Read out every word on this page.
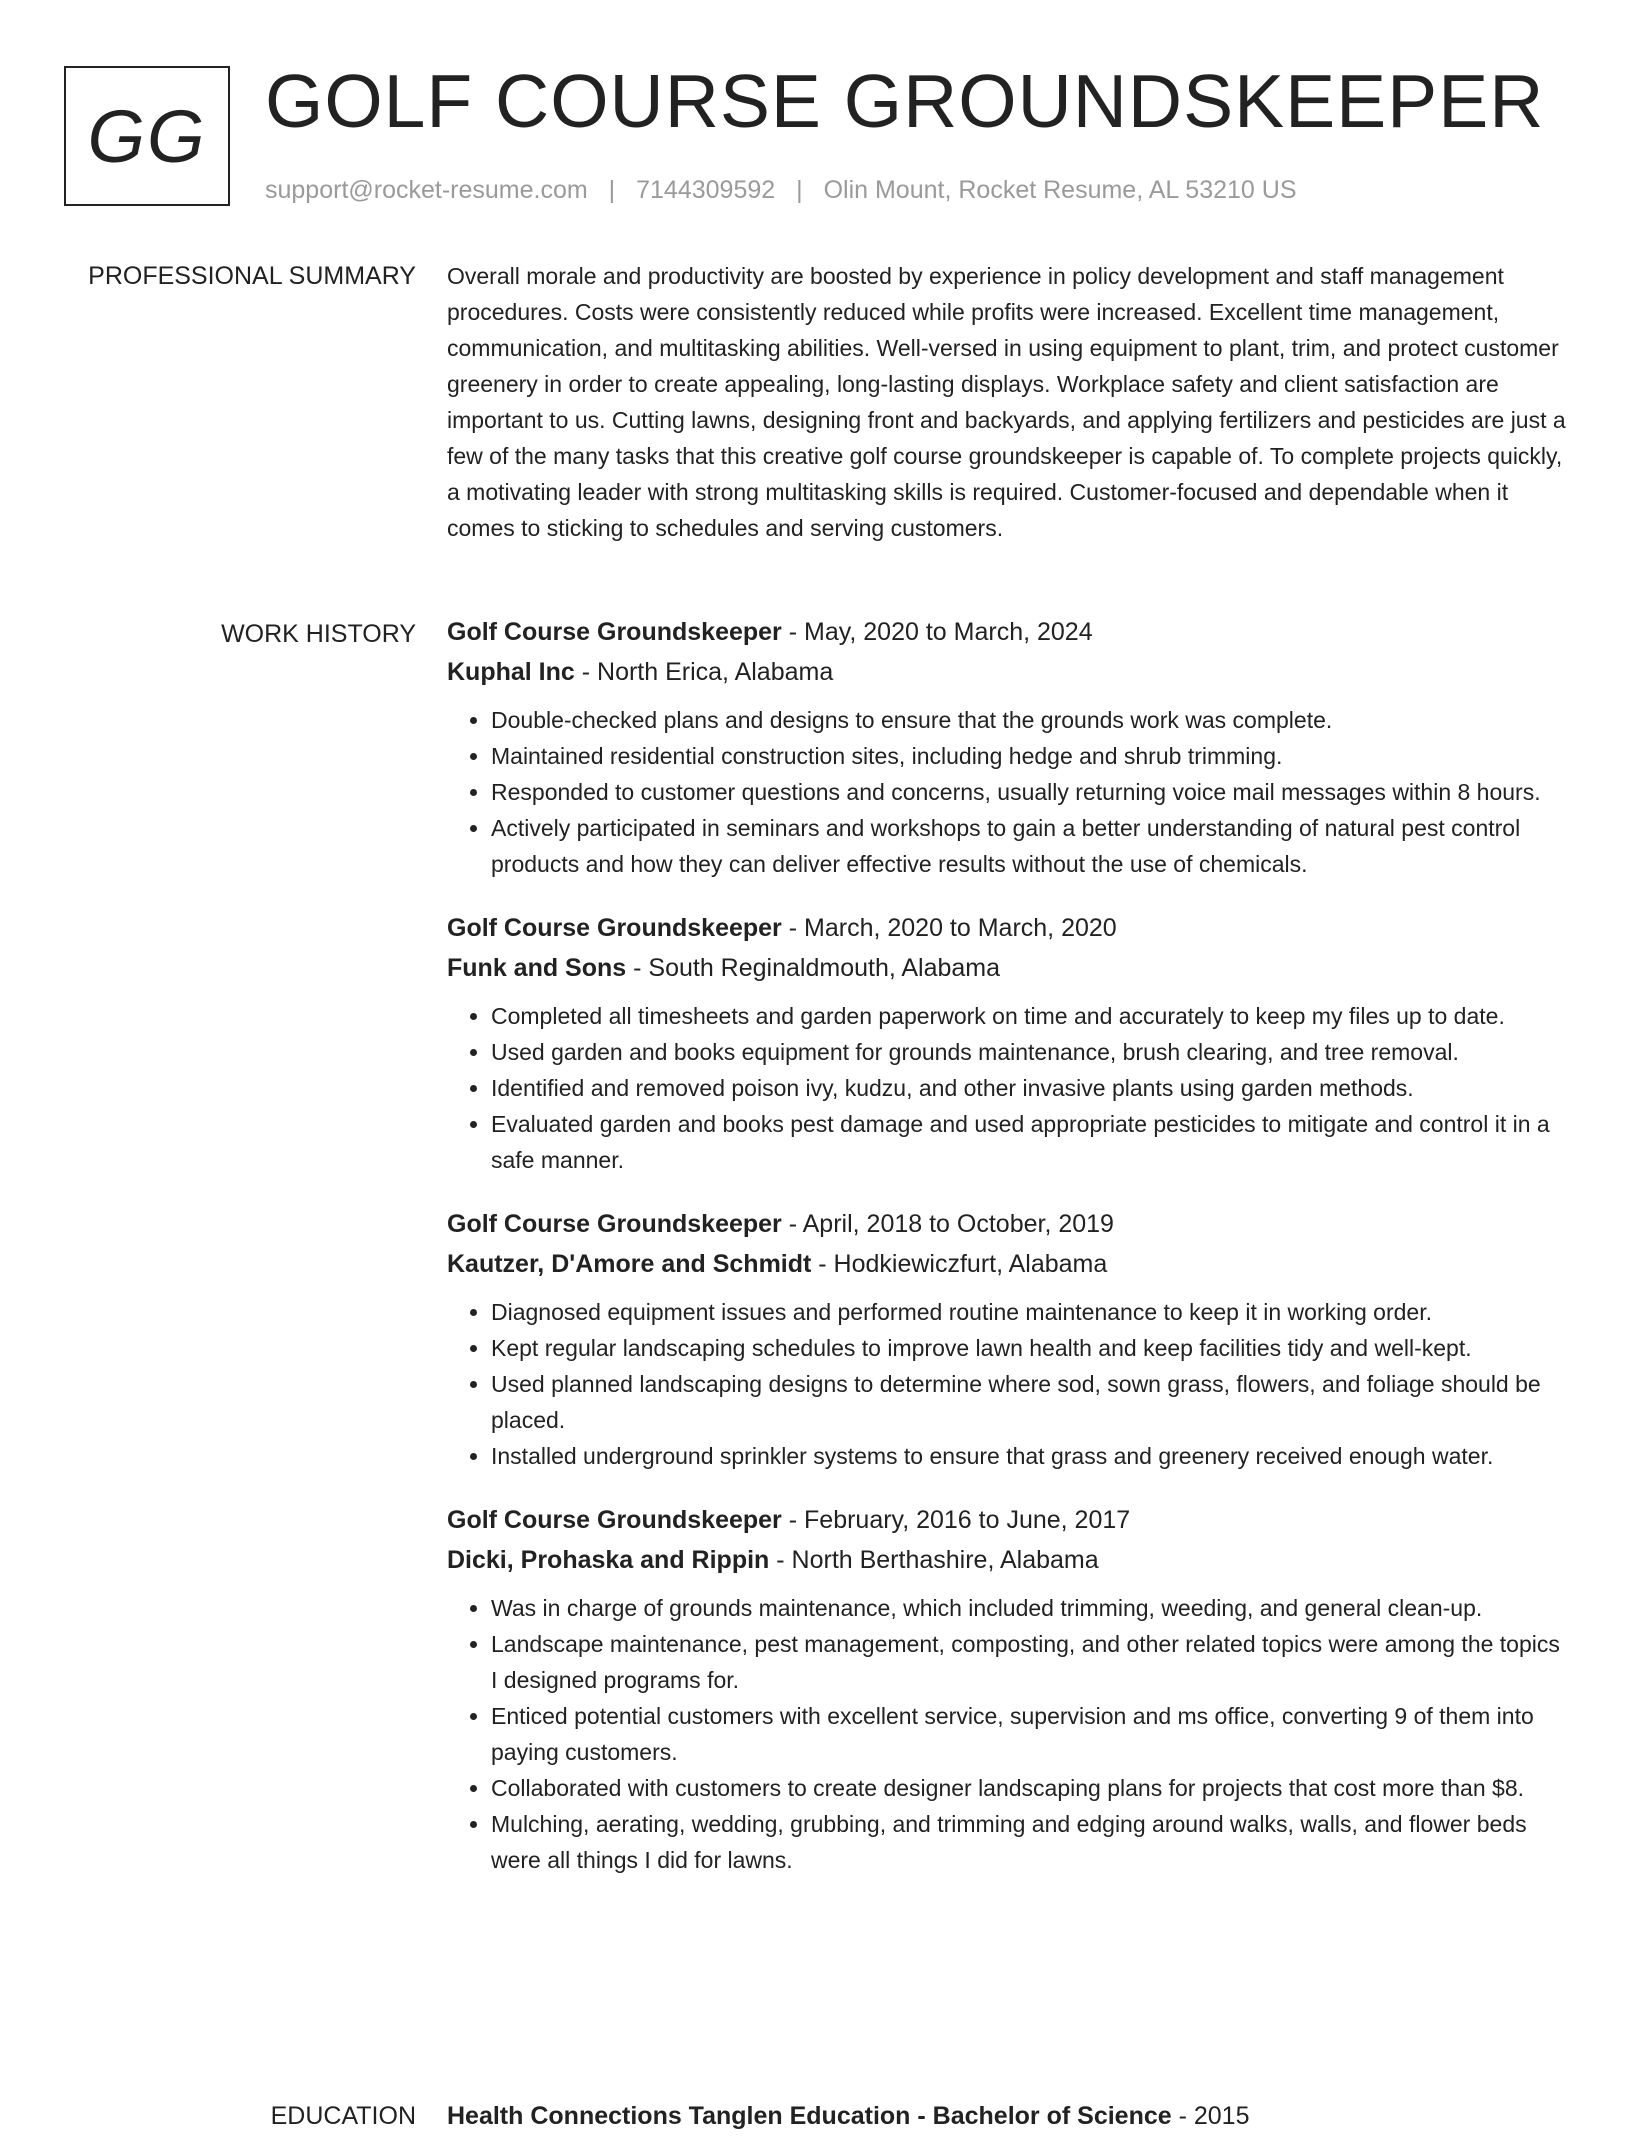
GG GOLF COURSE GROUNDSKEEPER
support@rocket-resume.com | 7144309592 | Olin Mount, Rocket Resume, AL 53210 US
PROFESSIONAL SUMMARY Overall morale and productivity are boosted by experience in policy development and staff management procedures. Costs were consistently reduced while profits were increased. Excellent time management, communication, and multitasking abilities. Well-versed in using equipment to plant, trim, and protect customer greenery in order to create appealing, long-lasting displays. Workplace safety and client satisfaction are important to us. Cutting lawns, designing front and backyards, and applying fertilizers and pesticides are just a few of the many tasks that this creative golf course groundskeeper is capable of. To complete projects quickly, a motivating leader with strong multitasking skills is required. Customer-focused and dependable when it comes to sticking to schedules and serving customers.

WORK HISTORY Golf Course Groundskeeper - May, 2020 to March, 2024
Kuphal Inc - North Erica, Alabama
• Double-checked plans and designs to ensure that the grounds work was complete.
• Maintained residential construction sites, including hedge and shrub trimming.
• Responded to customer questions and concerns, usually returning voice mail messages within 8 hours.
• Actively participated in seminars and workshops to gain a better understanding of natural pest control products and how they can deliver effective results without the use of chemicals.
Golf Course Groundskeeper - March, 2020 to March, 2020
Funk and Sons - South Reginaldmouth, Alabama
• Completed all timesheets and garden paperwork on time and accurately to keep my files up to date.
• Used garden and books equipment for grounds maintenance, brush clearing, and tree removal.
• Identified and removed poison ivy, kudzu, and other invasive plants using garden methods.
• Evaluated garden and books pest damage and used appropriate pesticides to mitigate and control it in a safe manner.
Golf Course Groundskeeper - April, 2018 to October, 2019
Kautzer, D'Amore and Schmidt - Hodkiewiczfurt, Alabama
• Diagnosed equipment issues and performed routine maintenance to keep it in working order.
• Kept regular landscaping schedules to improve lawn health and keep facilities tidy and well-kept.
• Used planned landscaping designs to determine where sod, sown grass, flowers, and foliage should be placed.
• Installed underground sprinkler systems to ensure that grass and greenery received enough water.
Golf Course Groundskeeper - February, 2016 to June, 2017
Dicki, Prohaska and Rippin - North Berthashire, Alabama
• Was in charge of grounds maintenance, which included trimming, weeding, and general clean-up.
• Landscape maintenance, pest management, composting, and other related topics were among the topics I designed programs for.
• Enticed potential customers with excellent service, supervision and ms office, converting 9 of them into paying customers.
• Collaborated with customers to create designer landscaping plans for projects that cost more than $8.
• Mulching, aerating, wedding, grubbing, and trimming and edging around walks, walls, and flower beds were all things I did for lawns.
EDUCATION Health Connections Tanglen Education - Bachelor of Science - 2015
